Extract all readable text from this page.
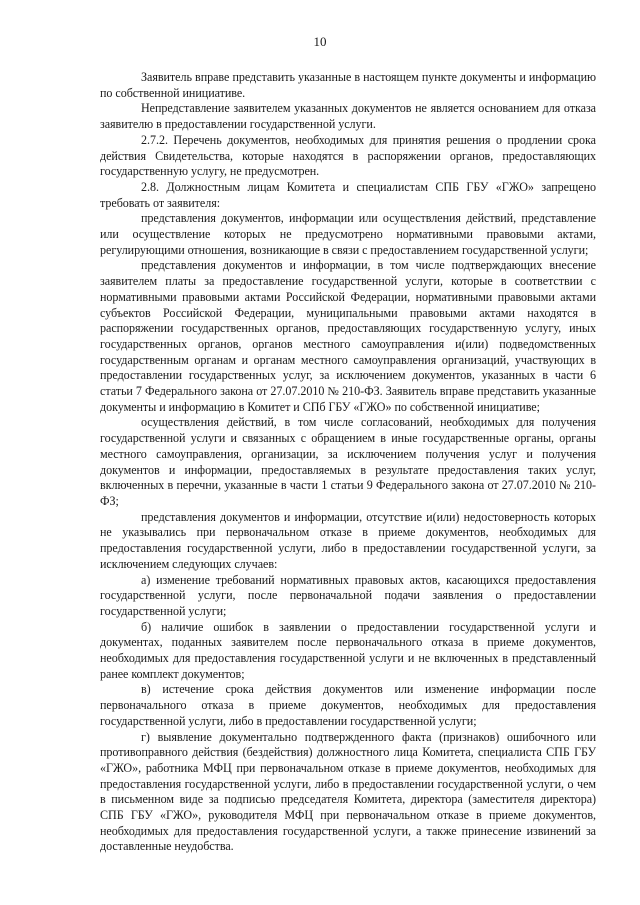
10

Заявитель вправе представить указанные в настоящем пункте документы и информацию по собственной инициативе.

Непредставление заявителем указанных документов не является основанием для отказа заявителю в предоставлении государственной услуги.

2.7.2. Перечень документов, необходимых для принятия решения о продлении срока действия Свидетельства, которые находятся в распоряжении органов, предоставляющих государственную услугу, не предусмотрен.

2.8. Должностным лицам Комитета и специалистам СПБ ГБУ «ГЖО» запрещено требовать от заявителя:

представления документов, информации или осуществления действий, представление или осуществление которых не предусмотрено нормативными правовыми актами, регулирующими отношения, возникающие в связи с предоставлением государственной услуги;

представления документов и информации, в том числе подтверждающих внесение заявителем платы за предоставление государственной услуги, которые в соответствии с нормативными правовыми актами Российской Федерации, нормативными правовыми актами субъектов Российской Федерации, муниципальными правовыми актами находятся в распоряжении государственных органов, предоставляющих государственную услугу, иных государственных органов, органов местного самоуправления и(или) подведомственных государственным органам и органам местного самоуправления организаций, участвующих в предоставлении государственных услуг, за исключением документов, указанных в части 6 статьи 7 Федерального закона от 27.07.2010 № 210-ФЗ. Заявитель вправе представить указанные документы и информацию в Комитет и СПб ГБУ «ГЖО» по собственной инициативе;

осуществления действий, в том числе согласований, необходимых для получения государственной услуги и связанных с обращением в иные государственные органы, органы местного самоуправления, организации, за исключением получения услуг и получения документов и информации, предоставляемых в результате предоставления таких услуг, включенных в перечни, указанные в части 1 статьи 9 Федерального закона от 27.07.2010 № 210-ФЗ;

представления документов и информации, отсутствие и(или) недостоверность которых не указывались при первоначальном отказе в приеме документов, необходимых для предоставления государственной услуги, либо в предоставлении государственной услуги, за исключением следующих случаев:

а) изменение требований нормативных правовых актов, касающихся предоставления государственной услуги, после первоначальной подачи заявления о предоставлении государственной услуги;

б) наличие ошибок в заявлении о предоставлении государственной услуги и документах, поданных заявителем после первоначального отказа в приеме документов, необходимых для предоставления государственной услуги и не включенных в представленный ранее комплект документов;

в) истечение срока действия документов или изменение информации после первоначального отказа в приеме документов, необходимых для предоставления государственной услуги, либо в предоставлении государственной услуги;

г) выявление документально подтвержденного факта (признаков) ошибочного или противоправного действия (бездействия) должностного лица Комитета, специалиста СПБ ГБУ «ГЖО», работника МФЦ при первоначальном отказе в приеме документов, необходимых для предоставления государственной услуги, либо в предоставлении государственной услуги, о чем в письменном виде за подписью председателя Комитета, директора (заместителя директора) СПБ ГБУ «ГЖО», руководителя МФЦ при первоначальном отказе в приеме документов, необходимых для предоставления государственной услуги, а также принесение извинений за доставленные неудобства.
